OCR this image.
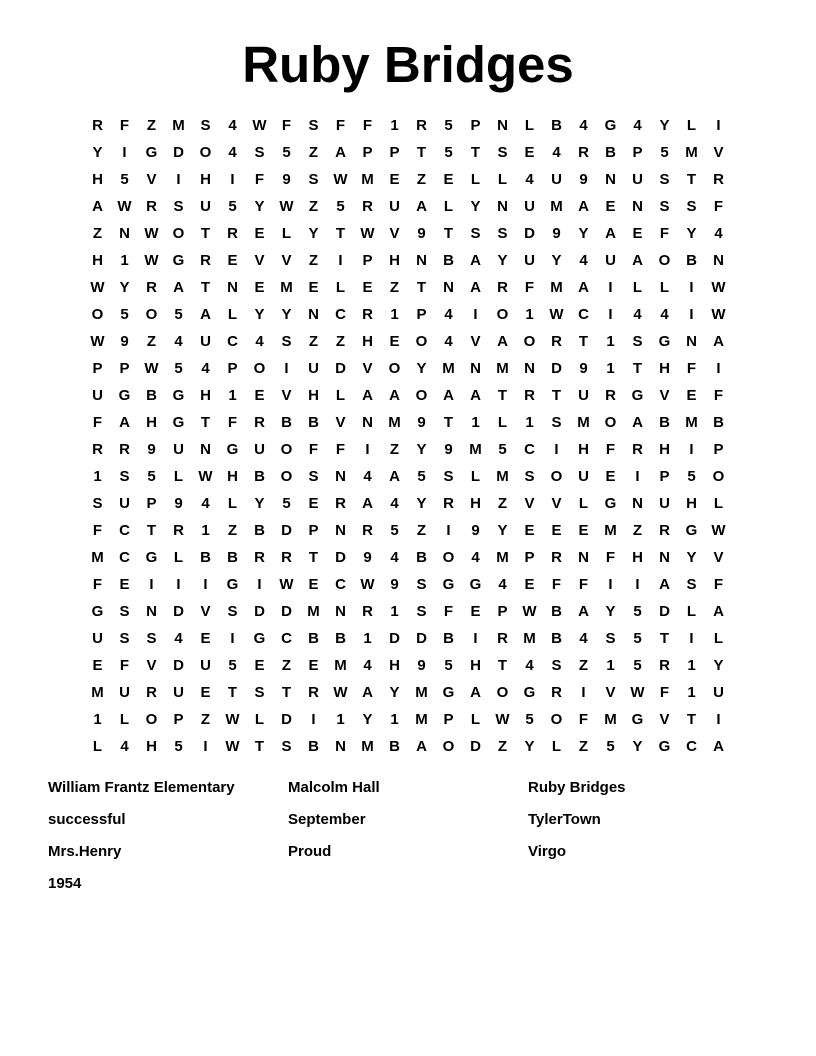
Ruby Bridges
R	F	Z	M	S	4	W	F	S	F	F	1	R	5	P	N	L	B	4	G	4	Y	L	I
Y	I	G	D	O	4	S	5	Z	A	P	P	T	5	T	S	E	4	R	B	P	5	M	V
H	5	V	I	H	I	F	9	S W M	E	Z	E	L	L	4	U	9	N	U	S	T	R
A W R	S	U	5	Y W	Z	5	R	U	A	L	Y	N	U	M	A	E	N	S	S	F
Z	N W O	T	R	E	L	Y	T	W V	9	T	S	S	D	9	Y	A	E	F	Y	4
H	1	W G	R	E	V	V	Z	I	P	H	N	B	A	Y	U	Y	4	U	A	O	B	N
W Y	R	A	T	N	E	M	E	L	E	Z	T	N	A	R	F	M	A	I	L	L	I	W
O	5	O	5	A	L	Y	Y	N	C	R	1	P	4	I	O	1	W C	I	4	4	I	W
W	9	Z	4	U	C	4	S	Z	Z	H	E	O	4	V	A	O	R	T	1	S	G	N	A
P	P W	5	4	P	O	I	U	D	V	O	Y	M	N	M	N	D	9	1	T	H	F	I
U	G	B	G	H	1	E	V	H	L	A	A	O	A	A	T	R	T	U	R	G	V	E	F
F	A	H	G	T	F	R	B	B	V	N	M	9	T	1	L	1	S	M O	A	B	M	B
R	R	9	U	N	G	U	O	F	F	I	Z	Y	9	M	5	C	I	H	F	R	H	I	P
1	S	5	L	W H	B	O	S	N	4	A	5	S	L	M	S	O	U	E	I	P	5	O
S	U	P	9	4	L	Y	5	E	R	A	4	Y	R	H	Z	V	V	L	G	N	U	H	L
F	C	T	R	1	Z	B	D	P	N	R	5	Z	I	9	Y	E	E	E	M	Z	R	G W
M	C	G	L	B	B	R	R	T	D	9	4	B	O	4	M	P	R	N	F	H	N	Y	V
F	E	I	I	I	G	I	W E	C W	9	S	G	G	4	E	F	F	I	I	A	S	F
G	S	N	D	V	S	D	D	M	N	R	1	S	F	E	P W B	A	Y	5	D	L	A
U	S	S	4	E	I	G	C	B	B	1	D	D	B	I	R	M	B	4	S	5	T	I	L
E	F	V	D	U	5	E	Z	E	M	4	H	9	5	H	T	4	S	Z	1	5	R	1	Y
M	U	R	U	E	T	S	T	R W A	Y	M G	A	O	G	R	I	V W	F	1	U
1	L	O	P	Z	W	L	D	I	1	Y	1	M	P	L	W	5	O	F	M G	V	T	I
L	4	H	5	I	W	T	S	B	N	M	B	A	O	D	Z	Y	L	Z	5	Y	G	C	A
William Frantz Elementary	Malcolm Hall	Ruby Bridges
successful	September	TylerTown
Mrs.Henry	Proud	Virgo
1954
